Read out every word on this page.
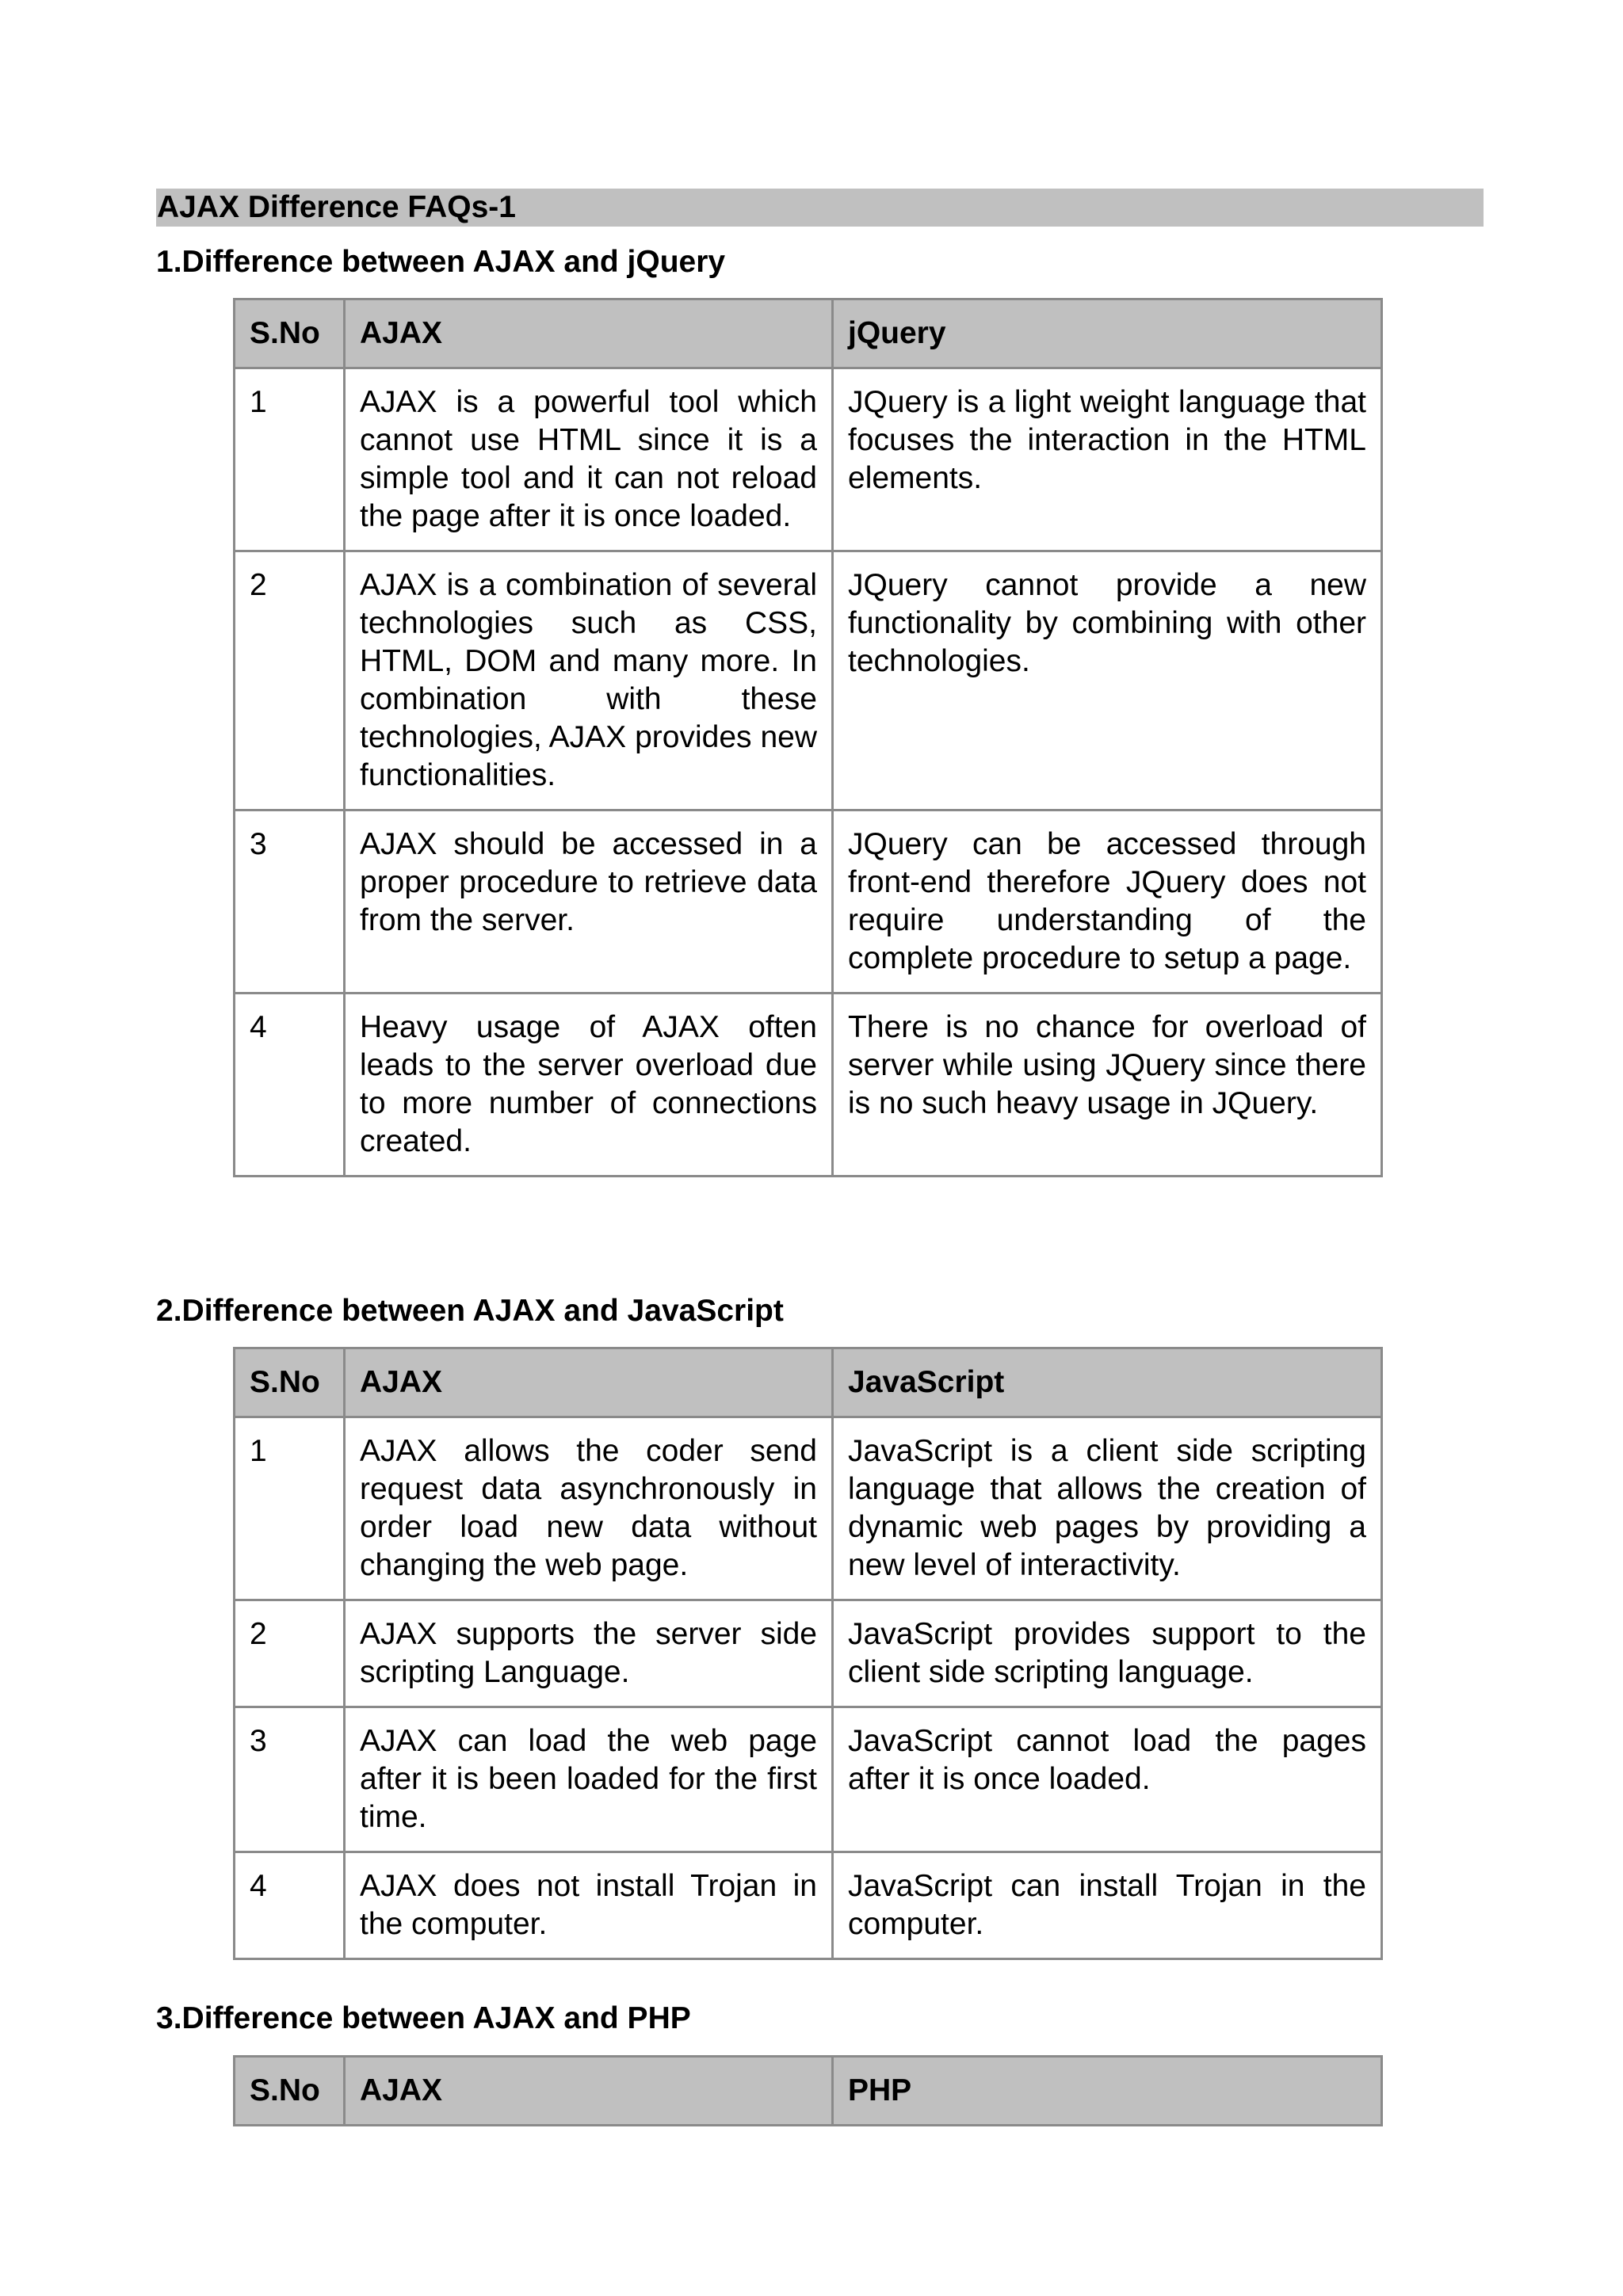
AJAX Difference FAQs-1
1.Difference between AJAX and jQuery
S.No	AJAX	jQuery
1	AJAX is a powerful tool which cannot use HTML since it is a simple tool and it can not reload the page after it is once loaded.	JQuery is a light weight language that focuses the interaction in the HTML elements.
2	AJAX is a combination of several technologies such as CSS, HTML, DOM and many more. In combination with these technologies, AJAX provides new functionalities.	JQuery cannot provide a new functionality by combining with other technologies.
3	AJAX should be accessed in a proper procedure to retrieve data from the server.	JQuery can be accessed through front-end therefore JQuery does not require understanding of the complete procedure to setup a page.
4	Heavy usage of AJAX often leads to the server overload due to more number of connections created.	There is no chance for overload of server while using JQuery since there is no such heavy usage in JQuery.
2.Difference between AJAX and JavaScript
S.No	AJAX	JavaScript
1	AJAX allows the coder send request data asynchronously in order load new data without changing the web page.	JavaScript is a client side scripting language that allows the creation of dynamic web pages by providing a new level of interactivity.
2	AJAX supports the server side scripting Language.	JavaScript provides support to the client side scripting language.
3	AJAX can load the web page after it is been loaded for the first time.	JavaScript cannot load the pages after it is once loaded.
4	AJAX does not install Trojan in the computer.	JavaScript can install Trojan in the computer.
3.Difference between AJAX and PHP
S.No	AJAX	PHP
